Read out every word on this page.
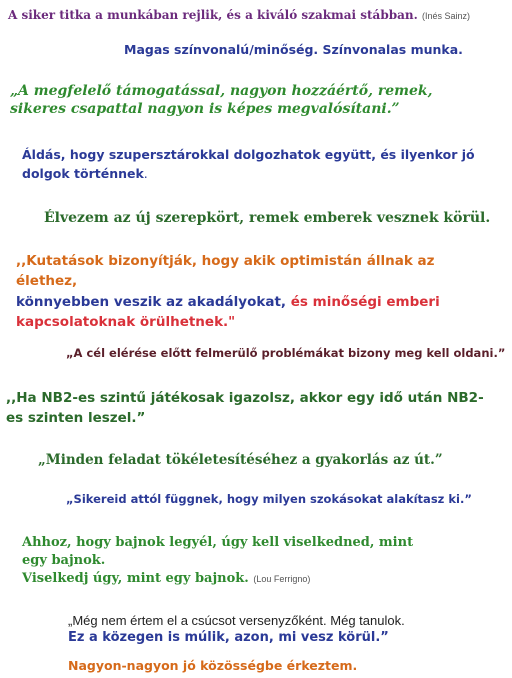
A siker titka a munkában rejlik, és a kiváló szakmai stábban. (Inés Sainz)

Magas színvonalú/minőség. Színvonalas munka.

„A megfelelő támogatással, nagyon hozzáértő, remek, sikeres csapattal nagyon is képes megvalósítani.”

Áldás, hogy szupersztárokkal dolgozhatok együtt, és ilyenkor jó dolgok történnek.

Élvezem az új szerepkört, remek emberek vesznek körül.

,,Kutatások bizonyítják, hogy akik optimistán állnak az élethez,
könnyebben veszik az akadályokat, és minőségi emberi kapcsolatoknak örülhetnek."

„A cél elérése előtt felmerülő problémákat bizony meg kell oldani.”

,,Ha NB2-es szintű játékosak igazolsz, akkor egy idő után NB2-es szinten leszel.”

„Minden feladat tökéletesítéséhez a gyakorlás az út.”

„Sikereid attól függnek, hogy milyen szokásokat alakítasz ki.”

Ahhoz, hogy bajnok legyél, úgy kell viselkedned, mint egy bajnok.
Viselkedj úgy, mint egy bajnok. (Lou Ferrigno)
„Még nem értem el a csúcsot versenyzőként. Még tanulok.
Ez a közegen is múlik, azon, mi vesz körül.”

Nagyon-nagyon jó közösségbe érkeztem.
